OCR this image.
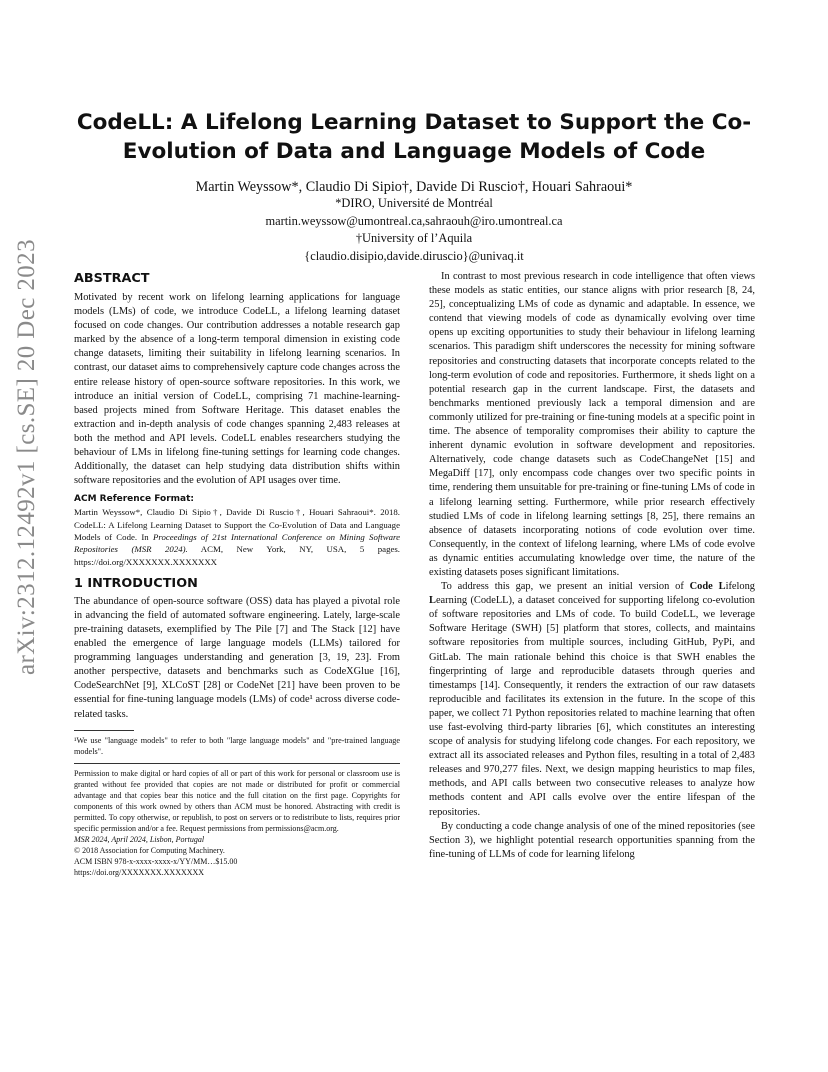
CodeLL: A Lifelong Learning Dataset to Support the Co-Evolution of Data and Language Models of Code
Martin Weyssow*, Claudio Di Sipio†, Davide Di Ruscio†, Houari Sahraoui*
*DIRO, Université de Montréal
martin.weyssow@umontreal.ca,sahraouh@iro.umontreal.ca
†University of l’Aquila
{claudio.disipio,davide.diruscio}@univaq.it
arXiv:2312.12492v1 [cs.SE] 20 Dec 2023	ABSTRACT

Motivated by recent work on lifelong learning applications for language models (LMs) of code, we introduce CodeLL, a lifelong learning dataset focused on code changes. Our contribution addresses a notable research gap marked by the absence of a long-term temporal dimension in existing code change datasets, limiting their suitability in lifelong learning scenarios. In contrast, our dataset aims to comprehensively capture code changes across the entire release history of open-source software repositories. In this work, we introduce an initial version of CodeLL, comprising 71 machine-learning-based projects mined from Software Heritage. This dataset enables the extraction and in-depth analysis of code changes spanning 2,483 releases at both the method and API levels. CodeLL enables researchers studying the behaviour of LMs in lifelong fine-tuning settings for learning code changes. Additionally, the dataset can help studying data distribution shifts within software repositories and the evolution of API usages over time.

ACM Reference Format:

Martin Weyssow*, Claudio Di Sipio†, Davide Di Ruscio†, Houari Sahraoui*. 2018. CodeLL: A Lifelong Learning Dataset to Support the Co-Evolution of Data and Language Models of Code. In Proceedings of 21st International Conference on Mining Software Repositories (MSR 2024). ACM, New York, NY, USA, 5 pages. https://doi.org/XXXXXXX.XXXXXXX

1 INTRODUCTION

The abundance of open-source software (OSS) data has played a pivotal role in advancing the field of automated software engineering. Lately, large-scale pre-training datasets, exemplified by The Pile [7] and The Stack [12] have enabled the emergence of large language models (LLMs) tailored for programming languages understanding and generation [3, 19, 23]. From another perspective, datasets and benchmarks such as CodeXGlue [16], CodeSearchNet [9], XLCoST [28] or CodeNet [21] have been proven to be essential for fine-tuning language models (LMs) of code¹ across diverse code-related tasks.

¹We use "language models" to refer to both "large language models" and "pre-trained language models".

Permission to make digital or hard copies of all or part of this work for personal or classroom use is granted without fee provided that copies are not made or distributed for profit or commercial advantage and that copies bear this notice and the full citation on the first page. Copyrights for components of this work owned by others than ACM must be honored. Abstracting with credit is permitted. To copy otherwise, or republish, to post on servers or to redistribute to lists, requires prior specific permission and/or a fee. Request permissions from permissions@acm.org.

MSR 2024, April 2024, Lisbon, Portugal

© 2018 Association for Computing Machinery.

ACM ISBN 978-x-xxxx-xxxx-x/YY/MM…$15.00

https://doi.org/XXXXXXX.XXXXXXX

In contrast to most previous research in code intelligence that often views these models as static entities, our stance aligns with prior research [8, 24, 25], conceptualizing LMs of code as dynamic and adaptable. In essence, we contend that viewing models of code as dynamically evolving over time opens up exciting opportunities to study their behaviour in lifelong learning scenarios. This paradigm shift underscores the necessity for mining software repositories and constructing datasets that incorporate concepts related to the long-term evolution of code and repositories. Furthermore, it sheds light on a potential research gap in the current landscape. First, the datasets and benchmarks mentioned previously lack a temporal dimension and are commonly utilized for pre-training or fine-tuning models at a specific point in time. The absence of temporality compromises their ability to capture the inherent dynamic evolution in software development and repositories. Alternatively, code change datasets such as CodeChangeNet [15] and MegaDiff [17], only encompass code changes over two specific points in time, rendering them unsuitable for pre-training or fine-tuning LMs of code in a lifelong learning setting. Furthermore, while prior research effectively studied LMs of code in lifelong learning settings [8, 25], there remains an absence of datasets incorporating notions of code evolution over time. Consequently, in the context of lifelong learning, where LMs of code evolve as dynamic entities accumulating knowledge over time, the nature of the existing datasets poses significant limitations.

To address this gap, we present an initial version of Code Lifelong Learning (CodeLL), a dataset conceived for supporting lifelong co-evolution of software repositories and LMs of code. To build CodeLL, we leverage Software Heritage (SWH) [5] platform that stores, collects, and maintains software repositories from multiple sources, including GitHub, PyPi, and GitLab. The main rationale behind this choice is that SWH enables the fingerprinting of large and reproducible datasets through queries and timestamps [14]. Consequently, it renders the extraction of our raw datasets reproducible and facilitates its extension in the future. In the scope of this paper, we collect 71 Python repositories related to machine learning that often use fast-evolving third-party libraries [6], which constitutes an interesting scope of analysis for studying lifelong code changes. For each repository, we extract all its associated releases and Python files, resulting in a total of 2,483 releases and 970,277 files. Next, we design mapping heuristics to map files, methods, and API calls between two consecutive releases to analyze how methods content and API calls evolve over the entire lifespan of the repositories.

By conducting a code change analysis of one of the mined repositories (see Section 3), we highlight potential research opportunities spanning from the fine-tuning of LLMs of code for learning lifelong
